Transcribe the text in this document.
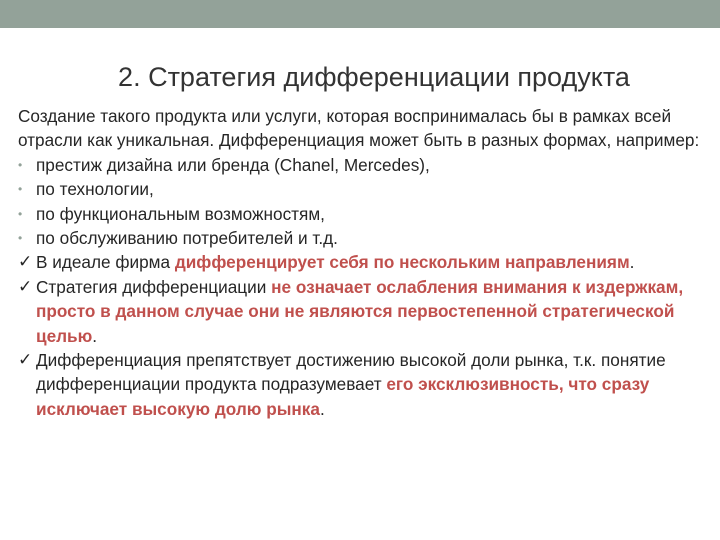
2. Стратегия дифференциации продукта

Создание такого продукта или услуги, которая воспринималась бы в рамках всей отрасли как уникальная. Дифференциация может быть в разных формах, например:

• престиж дизайна или бренда (Chanel, Mercedes),

• по технологии,

• по функциональным возможностям,

• по обслуживанию потребителей и т.д.

✓ В идеале фирма дифференцирует себя по нескольким направлениям.

✓ Стратегия дифференциации не означает ослабления внимания к издержкам, просто в данном случае они не являются первостепенной стратегической целью.

✓ Дифференциация препятствует достижению высокой доли рынка, т.к. понятие дифференциации продукта подразумевает его эксклюзивность, что сразу исключает высокую долю рынка.
